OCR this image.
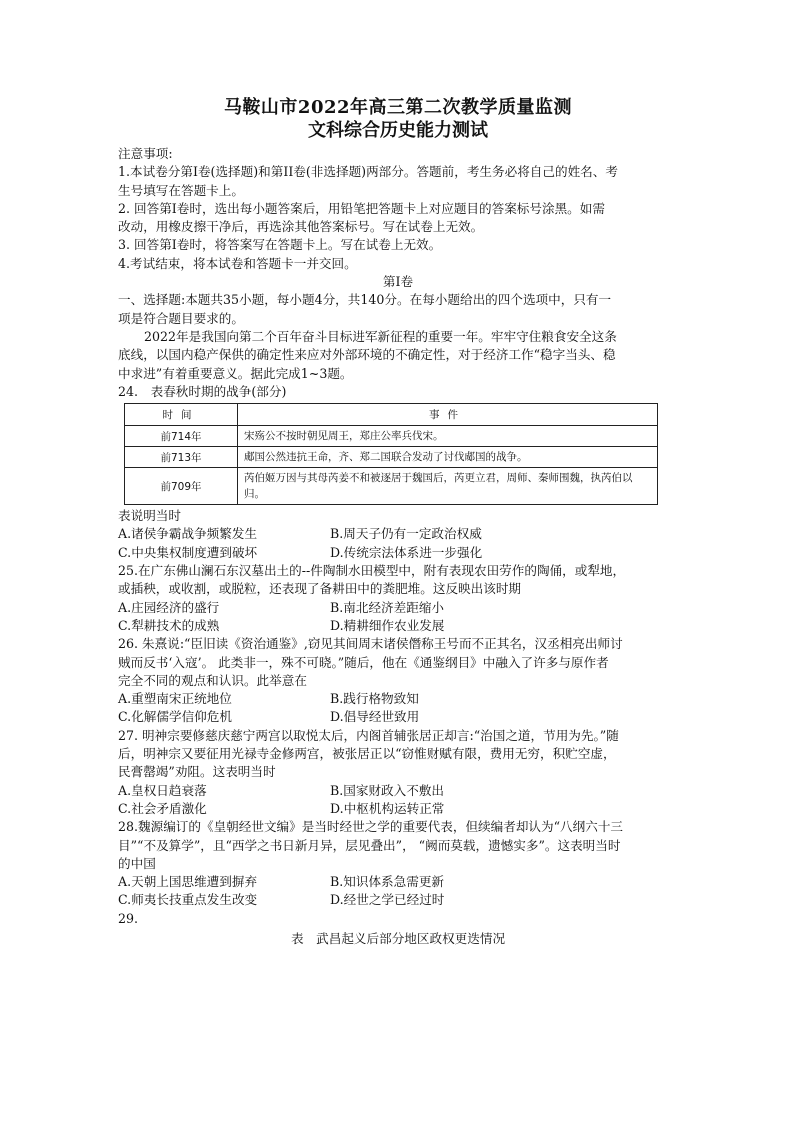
马鞍山市2022年高三第二次教学质量监测
文科综合历史能力测试
注意事项:
1.本试卷分第I卷(选择题)和第II卷(非选择题)两部分。答题前，考生务必将自己的姓名、考
生号填写在答题卡上。
2. 回答第I卷时，选出每小题答案后，用铅笔把答题卡上对应题目的答案标号涂黑。如需
改动，用橡皮擦干净后，再选涂其他答案标号。写在试卷上无效。
3. 回答第I卷时，将答案写在答题卡上。写在试卷上无效。
4.考试结束，将本试卷和答题卡一并交回。
第I卷
一、选择题:本题共35小题，每小题4分，共140分。在每小题给出的四个选项中，只有一
项是符合题目要求的。
2022年是我国向第二个百年奋斗目标进军新征程的重要一年。牢牢守住粮食安全这条
底线，以国内稳产保供的确定性来应对外部环境的不确定性，对于经济工作“稳字当头、稳
中求进”有着重要意义。据此完成1~3题。
24.　表春秋时期的战争(部分)
时间	事件
前714年	宋殇公不按时朝见周王，郑庄公率兵伐宋。
前713年	郕国公然违抗王命，齐、郑二国联合发动了讨伐郕国的战争。
前709年	芮伯姬万因与其母芮姜不和被逐居于魏国后，芮更立君，周师、秦师围魏，执芮伯以归。
表说明当时
A.诸侯争霸战争频繁发生	B.周天子仍有一定政治权威
C.中央集权制度遭到破坏	D.传统宗法体系进一步强化
25.在广东佛山澜石东汉墓出土的--件陶制水田模型中，附有表现农田劳作的陶俑，或犁地，
或插秧，或收割，或脱粒，还表现了备耕田中的粪肥堆。这反映出该时期
A.庄园经济的盛行	B.南北经济差距缩小
C.犁耕技术的成熟	D.精耕细作农业发展
26. 朱熹说:“臣旧读《资治通鉴》,窃见其间周末诸侯僭称王号而不正其名，汉丞相亮出师讨
贼而反书‘入寇’。 此类非一，殊不可晓。”随后，他在《通鉴纲目》中融入了许多与原作者
完全不同的观点和认识。此举意在
A.重塑南宋正统地位	B.践行格物致知
C.化解儒学信仰危机	D.倡导经世致用
27. 明神宗要修慈庆慈宁两宫以取悦太后，内阁首辅张居正却言:“治国之道，节用为先。”随
后，明神宗又要征用光禄寺金修两宫，被张居正以“窃惟财赋有限，费用无穷，积贮空虚，
民膏罄竭”劝阻。这表明当时
A.皇权日趋衰落	B.国家财政入不敷出
C.社会矛盾激化	D.中枢机构运转正常
28.魏源编订的《皇朝经世文编》是当时经世之学的重要代表，但续编者却认为“八纲六十三
目”“不及算学”，且“西学之书日新月异，层见叠出”， “阙而莫载，遗憾实多”。这表明当时
的中国
A.天朝上国思维遭到摒弃	B.知识体系急需更新
C.师夷长技重点发生改变	D.经世之学已经过时
29.
表　武昌起义后部分地区政权更迭情况
